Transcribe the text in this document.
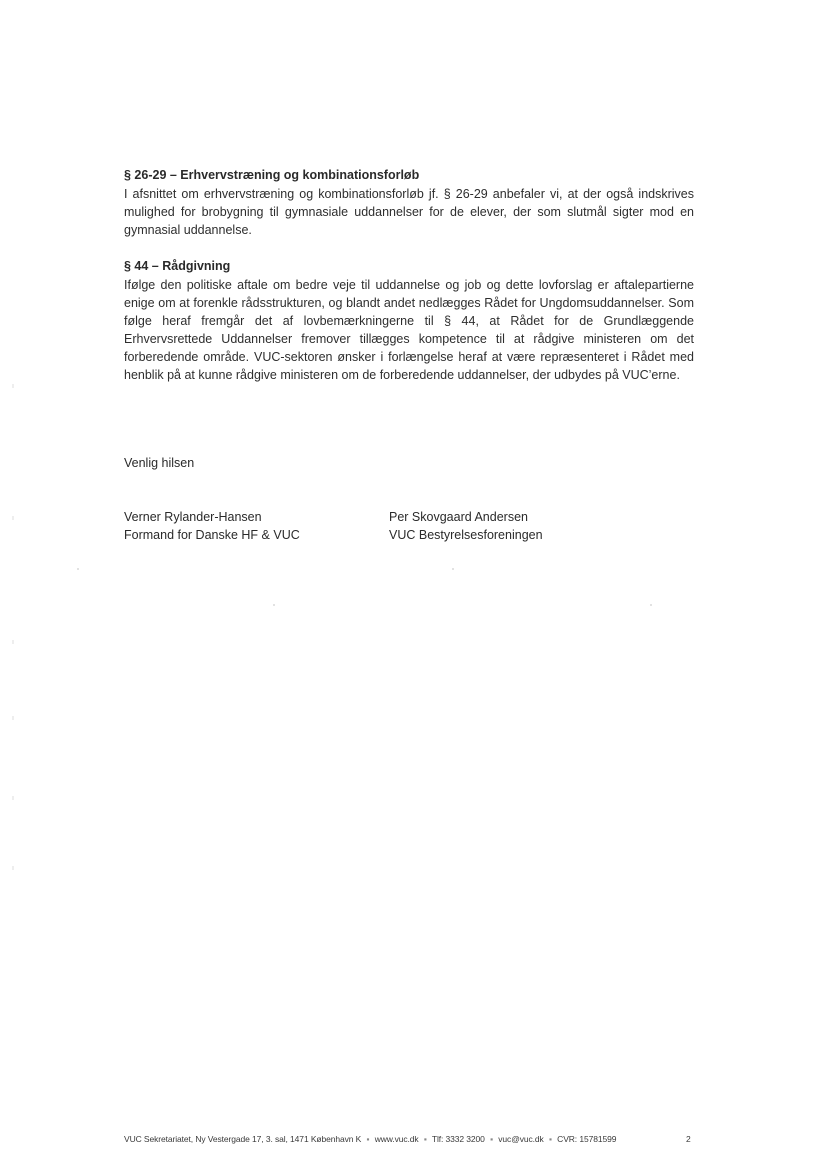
§ 26-29 – Erhvervstræning og kombinationsforløb

I afsnittet om erhvervstræning og kombinationsforløb jf. § 26-29 anbefaler vi, at der også indskrives mulighed for brobygning til gymnasiale uddannelser for de elever, der som slutmål sigter mod en gymnasial uddannelse.

§ 44 – Rådgivning

Ifølge den politiske aftale om bedre veje til uddannelse og job og dette lovforslag er aftalepartierne enige om at forenkle rådsstrukturen, og blandt andet nedlægges Rådet for Ungdomsuddannelser. Som følge heraf fremgår det af lovbemærkningerne til § 44, at Rådet for de Grundlæggende Erhvervsrettede Uddannelser fremover tillægges kompetence til at rådgive ministeren om det forberedende område. VUC-sektoren ønsker i forlængelse heraf at være repræsenteret i Rådet med henblik på at kunne rådgive ministeren om de forberedende uddannelser, der udbydes på VUC’erne.

Venlig hilsen
Verner Rylander-Hansen
Formand for Danske HF & VUC
Per Skovgaard Andersen
VUC Bestyrelsesforeningen
VUC Sekretariatet, Ny Vestergade 17, 3. sal, 1471 København K ▪ www.vuc.dk ▪ Tlf: 3332 3200 ▪ vuc@vuc.dk ▪ CVR: 15781599	2
